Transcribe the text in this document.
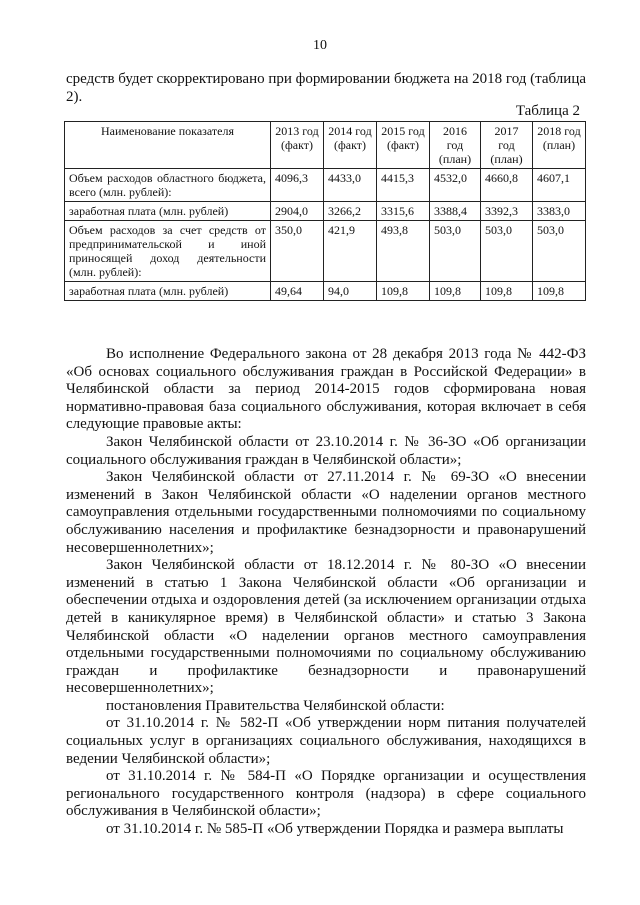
10
средств будет скорректировано при формировании бюджета на 2018 год (таблица 2).
Таблица 2
Наименование показателя	2013 год (факт)	2014 год (факт)	2015 год (факт)	2016 год (план)	2017 год (план)	2018 год (план)
Объем расходов областного бюджета, всего (млн. рублей):	4096,3	4433,0	4415,3	4532,0	4660,8	4607,1
заработная плата (млн. рублей)	2904,0	3266,2	3315,6	3388,4	3392,3	3383,0
Объем расходов за счет средств от предпринимательской и иной приносящей доход деятельности (млн. рублей):	350,0	421,9	493,8	503,0	503,0	503,0
заработная плата (млн. рублей)	49,64	94,0	109,8	109,8	109,8	109,8

Во исполнение Федерального закона от 28 декабря 2013 года № 442-ФЗ «Об основах социального обслуживания граждан в Российской Федерации» в Челябинской области за период 2014-2015 годов сформирована новая нормативно-правовая база социального обслуживания, которая включает в себя следующие правовые акты:

Закон Челябинской области от 23.10.2014 г. № 36-ЗО «Об организации социального обслуживания граждан в Челябинской области»;

Закон Челябинской области от 27.11.2014 г. № 69-ЗО «О внесении изменений в Закон Челябинской области «О наделении органов местного самоуправления отдельными государственными полномочиями по социальному обслуживанию населения и профилактике безнадзорности и правонарушений несовершеннолетних»;

Закон Челябинской области от 18.12.2014 г. № 80-ЗО «О внесении изменений в статью 1 Закона Челябинской области «Об организации и обеспечении отдыха и оздоровления детей (за исключением организации отдыха детей в каникулярное время) в Челябинской области» и статью 3 Закона Челябинской области «О наделении органов местного самоуправления отдельными государственными полномочиями по социальному обслуживанию граждан и профилактике безнадзорности и правонарушений несовершеннолетних»;

постановления Правительства Челябинской области:

от 31.10.2014 г. № 582-П «Об утверждении норм питания получателей социальных услуг в организациях социального обслуживания, находящихся в ведении Челябинской области»;

от 31.10.2014 г. № 584-П «О Порядке организации и осуществления регионального государственного контроля (надзора) в сфере социального обслуживания в Челябинской области»;

от 31.10.2014 г. № 585-П «Об утверждении Порядка и размера выплаты
